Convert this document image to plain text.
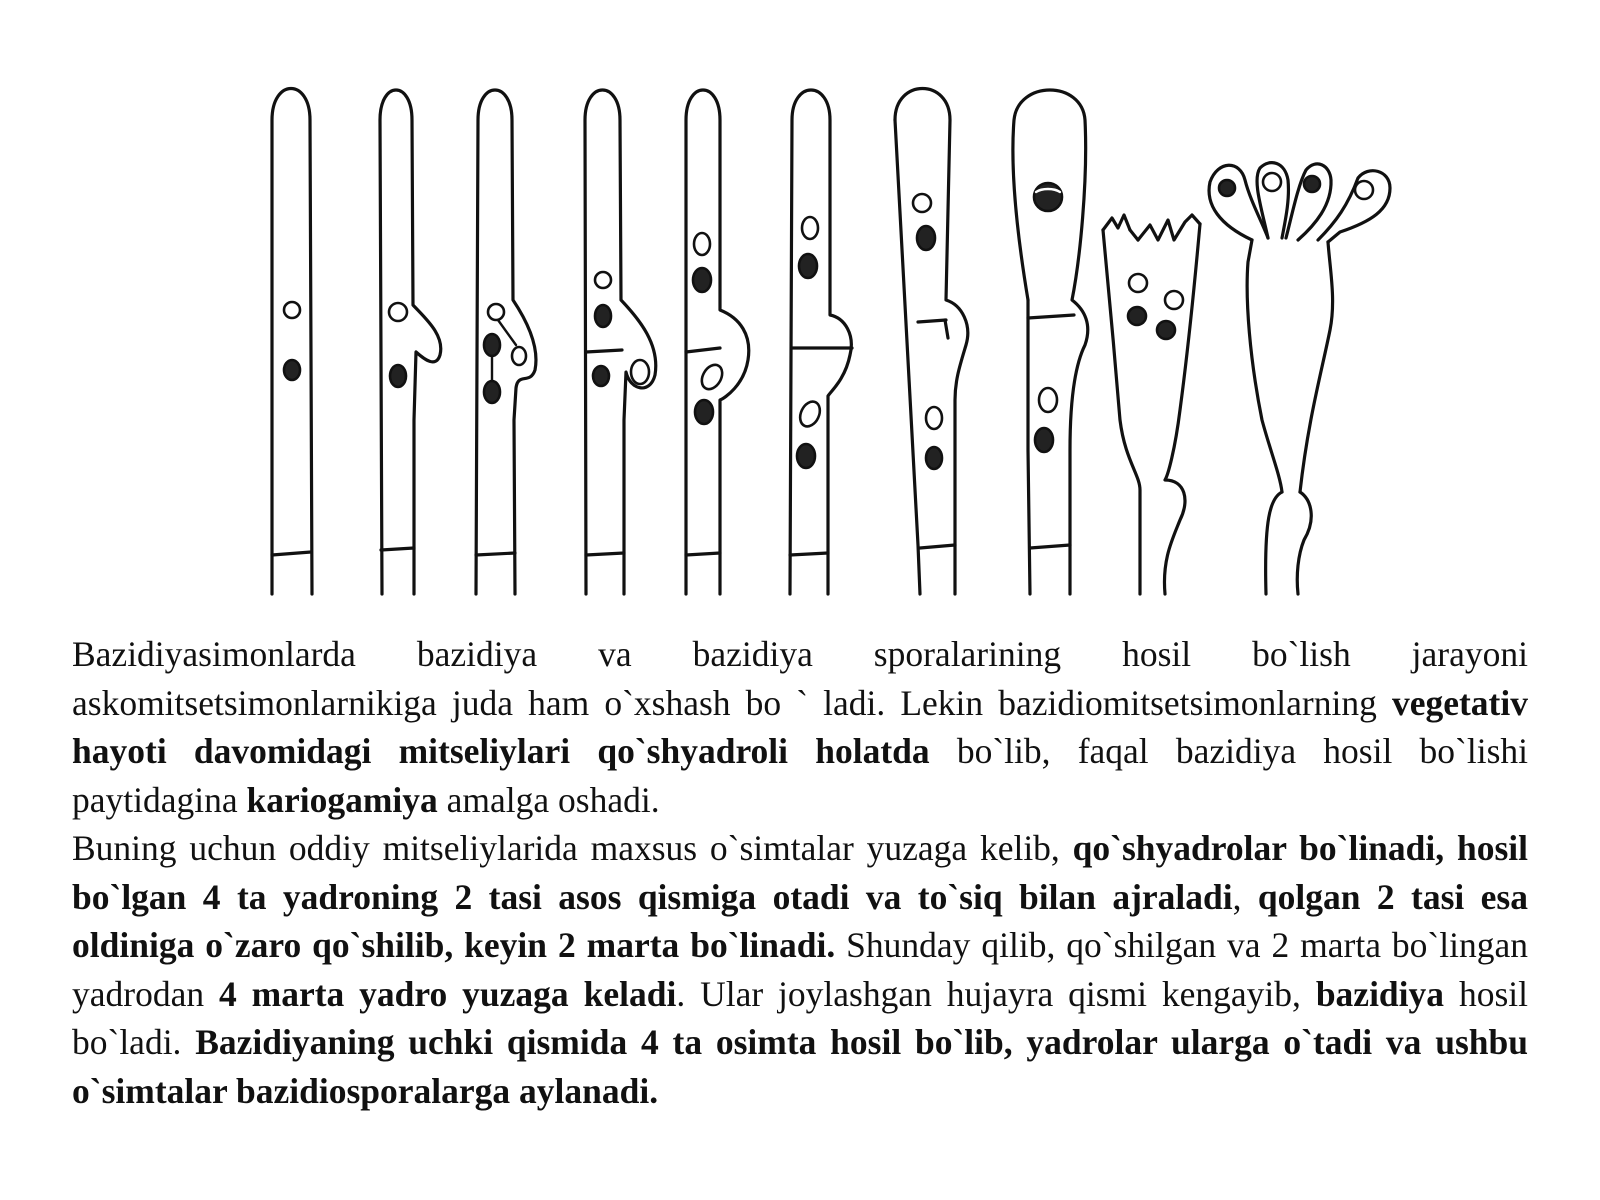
Bazidiyasimonlarda bazidiya va bazidiya sporalarining hosil bo`lish jarayoni askomitsetsimonlarnikiga juda ham o`xshash bo ` ladi. Lekin bazidiomitsetsimonlarning vegetativ hayoti davomidagi mitseliylari qo`shyadroli holatda bo`lib, faqal bazidiya hosil bo`lishi paytidagina kariogamiya amalga oshadi.

Buning uchun oddiy mitseliylarida maxsus o`simtalar yuzaga kelib, qo`shyadrolar bo`linadi, hosil bo`lgan 4 ta yadroning 2 tasi asos qismiga otadi va to`siq bilan ajraladi, qolgan 2 tasi esa oldiniga o`zaro qo`shilib, keyin 2 marta bo`linadi. Shunday qilib, qo`shilgan va 2 marta bo`lingan yadrodan 4 marta yadro yuzaga keladi. Ular joylashgan hujayra qismi kengayib, bazidiya hosil bo`ladi. Bazidiyaning uchki qismida 4 ta osimta hosil bo`lib, yadrolar ularga o`tadi va ushbu o`simtalar bazidiosporalarga aylanadi.
